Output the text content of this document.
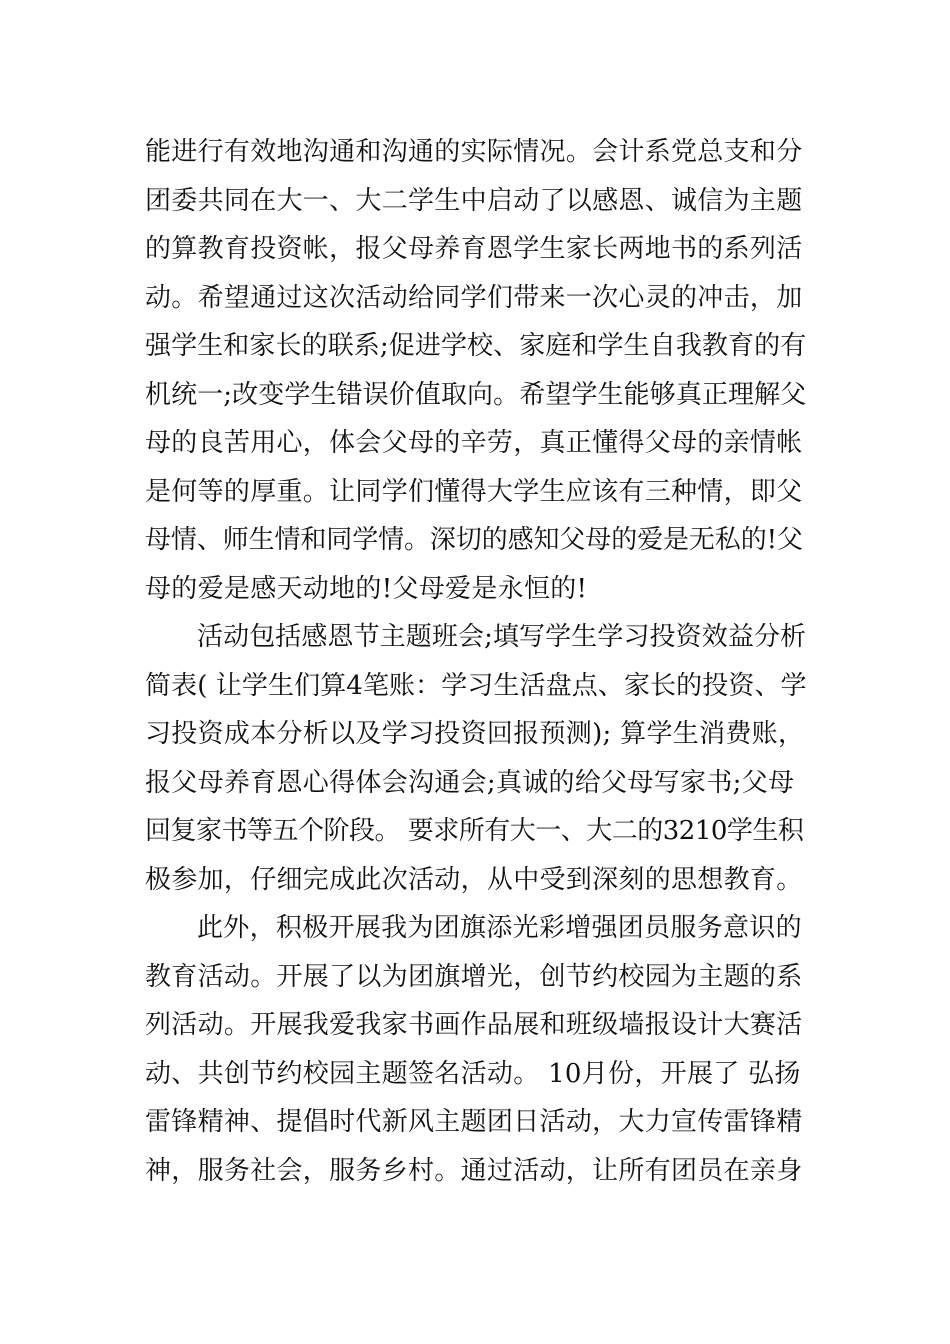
能进行有效地沟通和沟通的实际情况。会计系党总支和分
团委共同在大一、大二学生中启动了以感恩、诚信为主题
的算教育投资帐，报父母养育恩学生家长两地书的系列活
动。希望通过这次活动给同学们带来一次心灵的冲击，加
强学生和家长的联系;促进学校、家庭和学生自我教育的有
机统一;改变学生错误价值取向。希望学生能够真正理解父
母的良苦用心，体会父母的辛劳，真正懂得父母的亲情帐
是何等的厚重。让同学们懂得大学生应该有三种情，即父
母情、师生情和同学情。深切的感知父母的爱是无私的!父
母的爱是感天动地的!父母爱是永恒的!
活动包括感恩节主题班会;填写学生学习投资效益分析
简表( 让学生们算4笔账：学习生活盘点、家长的投资、学
习投资成本分析以及学习投资回报预测); 算学生消费账，
报父母养育恩心得体会沟通会;真诚的给父母写家书;父母
回复家书等五个阶段。 要求所有大一、大二的3210学生积
极参加，仔细完成此次活动，从中受到深刻的思想教育。
此外，积极开展我为团旗添光彩增强团员服务意识的
教育活动。开展了以为团旗增光，创节约校园为主题的系
列活动。开展我爱我家书画作品展和班级墙报设计大赛活
动、共创节约校园主题签名活动。 10月份，开展了 弘扬
雷锋精神、提倡时代新风主题团日活动，大力宣传雷锋精
神，服务社会，服务乡村。通过活动，让所有团员在亲身
